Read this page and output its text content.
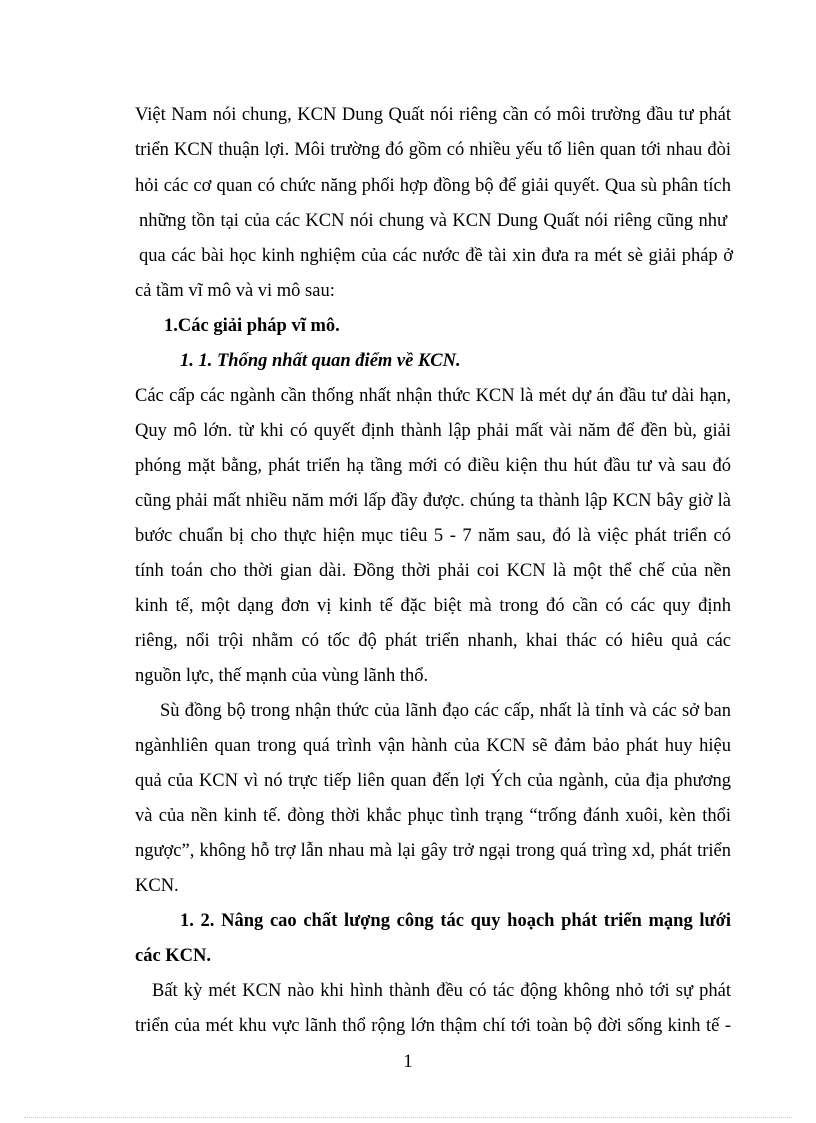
Việt Nam nói chung, KCN Dung Quất nói riêng cần có môi trường đầu tư phát
triển KCN thuận lợi. Môi trường đó gồm có nhiều yếu tố liên quan tới nhau đòi
hỏi các cơ quan có chức năng phối hợp đồng bộ để giải quyết. Qua sù phân tích
những tồn tại của các KCN nói chung và KCN Dung Quất nói riêng cũng như
qua các bài học kinh nghiệm của các nước đề tài xin đưa ra mét sè giải pháp ở
cả tầm vĩ mô và vi mô sau:
1.Các giải pháp vĩ mô.
1. 1. Thống nhất quan điểm về KCN.
Các cấp các ngành cần thống nhất nhận thức KCN là mét dự án đầu tư dài hạn,
Quy mô lớn. từ khi có quyết định thành lập phải mất vài năm để đền bù, giải
phóng mặt bằng, phát triển hạ tầng mới có điều kiện thu hút đầu tư và sau đó
cũng phải mất nhiều năm mới lấp đầy được. chúng ta thành lập KCN bây giờ là
bước chuẩn bị cho thực hiện mục tiêu 5 - 7 năm sau, đó là việc phát triển có
tính toán cho thời gian dài. Đồng thời phải coi KCN là một thể chế của nền
kinh tế, một dạng đơn vị kinh tế đặc biệt mà trong đó cần có các quy định
riêng, nổi trội nhằm có tốc độ phát triển nhanh, khai thác có hiêu quả các
nguồn lực, thế mạnh của vùng lãnh thổ.
Sù đồng bộ trong nhận thức của lãnh đạo các cấp, nhất là tỉnh và các sở ban
ngànhliên quan trong quá trình vận hành của KCN sẽ đảm bảo phát huy hiệu
quả của KCN vì nó trực tiếp liên quan đến lợi Ých của ngành, của địa phương
và của nền kinh tế. đòng thời khắc phục tình trạng “trống đánh xuôi, kèn thổi
ngược”, không hỗ trợ lẫn nhau mà lại gây trở ngại trong quá trìng xd, phát triển
KCN.
1. 2. Nâng cao chất lượng công tác quy hoạch phát triển mạng lưới
các KCN.
Bất kỳ mét KCN nào khi hình thành đều có tác động không nhỏ tới sự phát
triển của mét khu vực lãnh thổ rộng lớn thậm chí tới toàn bộ đời sống kinh tế -
1
